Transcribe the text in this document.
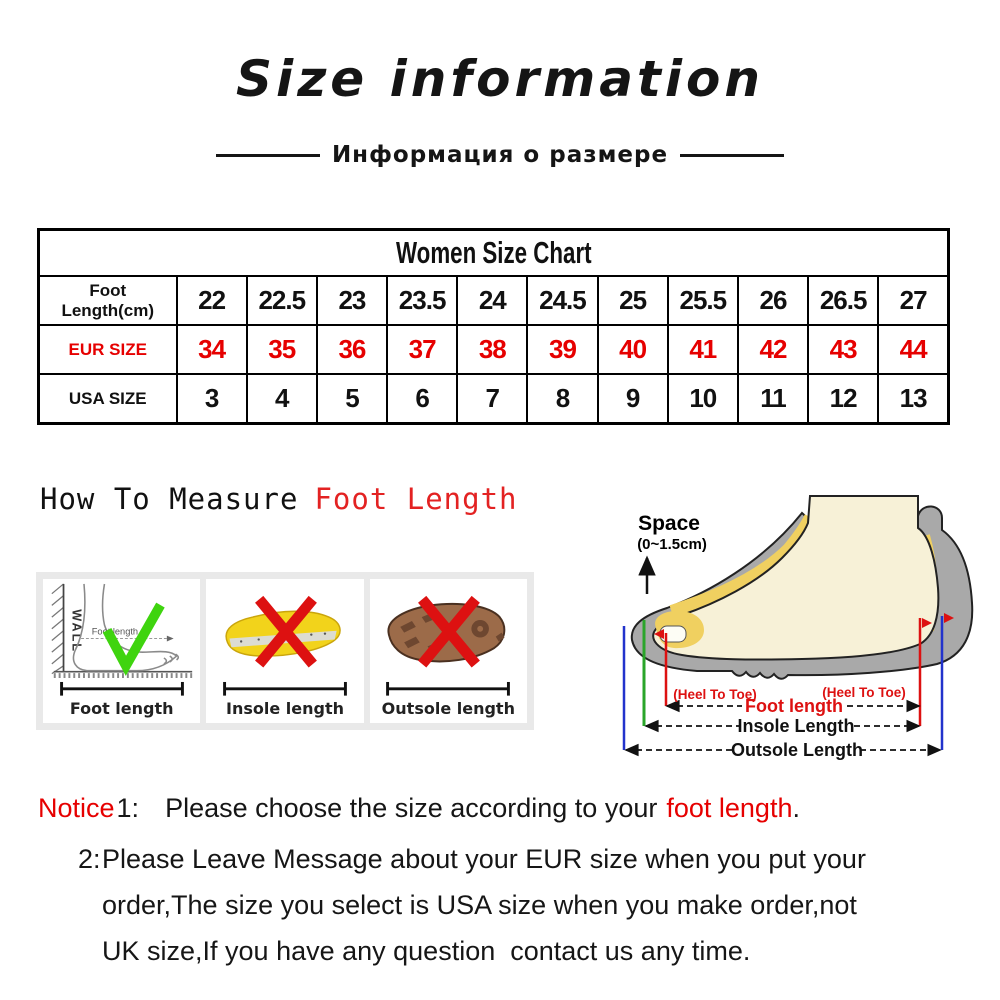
Size information
Информация о размере
Women Size Chart											
Foot Length(cm)	22	22.5	23	23.5	24	24.5	25	25.5	26	26.5	27
EUR SIZE	34	35	36	37	38	39	40	41	42	43	44
USA SIZE	3	4	5	6	7	8	9	10	11	12	13
How To Measure Foot Length
WALL Foot length
Foot length	Insole length Outsole length
Space
(0~1.5cm)
(Heel To Toe)	(Heel To Toe)
Foot length
Insole Length
Outsole Length
Notice1: Please choose the size according to your foot length.
2: Please Leave Message about your EUR size when you put your
order,The size you select is USA size when you make order,not
UK size,If you have any question  contact us any time.
